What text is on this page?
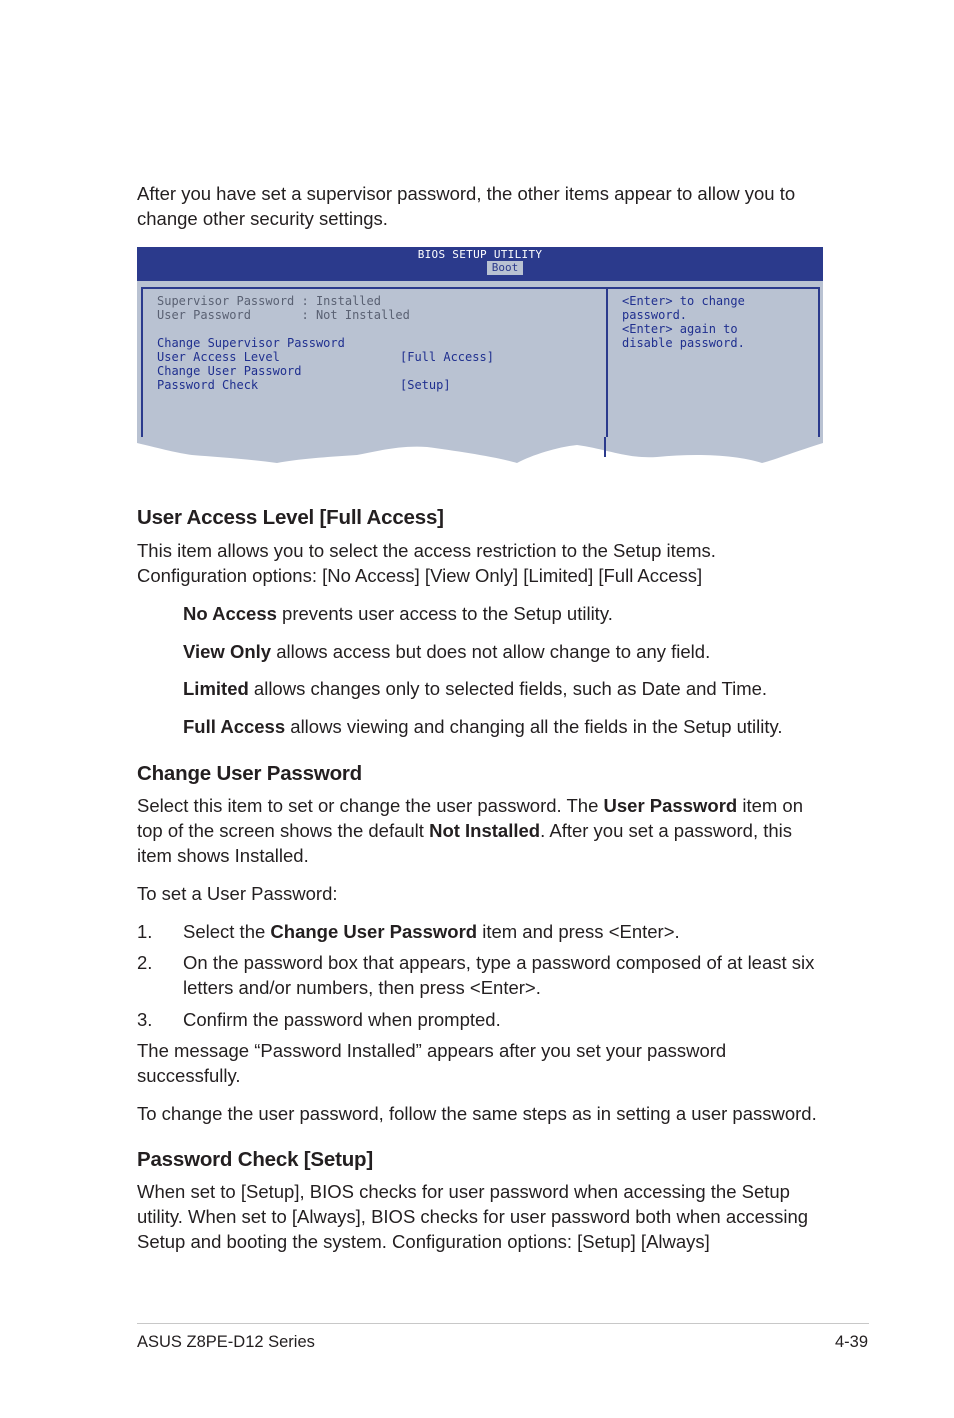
After you have set a supervisor password, the other items appear to allow you to change other security settings.

BIOS SETUP UTILITY
Boot
Supervisor Password : Installed
User Password       : Not Installed
Change Supervisor Password
User Access Level	[Full Access]
Change User Password
Password Check	[Setup]
<Enter> to change
password.
<Enter> again to
disable password.
User Access Level [Full Access]

This item allows you to select the access restriction to the Setup items.

Configuration options: [No Access] [View Only] [Limited] [Full Access]

No Access prevents user access to the Setup utility.

View Only allows access but does not allow change to any field.

Limited allows changes only to selected fields, such as Date and Time.

Full Access allows viewing and changing all the fields in the Setup utility.

Change User Password

Select this item to set or change the user password. The User Password item on top of the screen shows the default Not Installed. After you set a password, this item shows Installed.

To set a User Password:

1. Select the Change User Password item and press <Enter>.

2. On the password box that appears, type a password composed of at least six letters and/or numbers, then press <Enter>.

3. Confirm the password when prompted.

The message “Password Installed” appears after you set your password successfully.

To change the user password, follow the same steps as in setting a user password.

Password Check [Setup]

When set to [Setup], BIOS checks for user password when accessing the Setup utility. When set to [Always], BIOS checks for user password both when accessing Setup and booting the system. Configuration options: [Setup] [Always]

ASUS Z8PE-D12 Series	4-39
